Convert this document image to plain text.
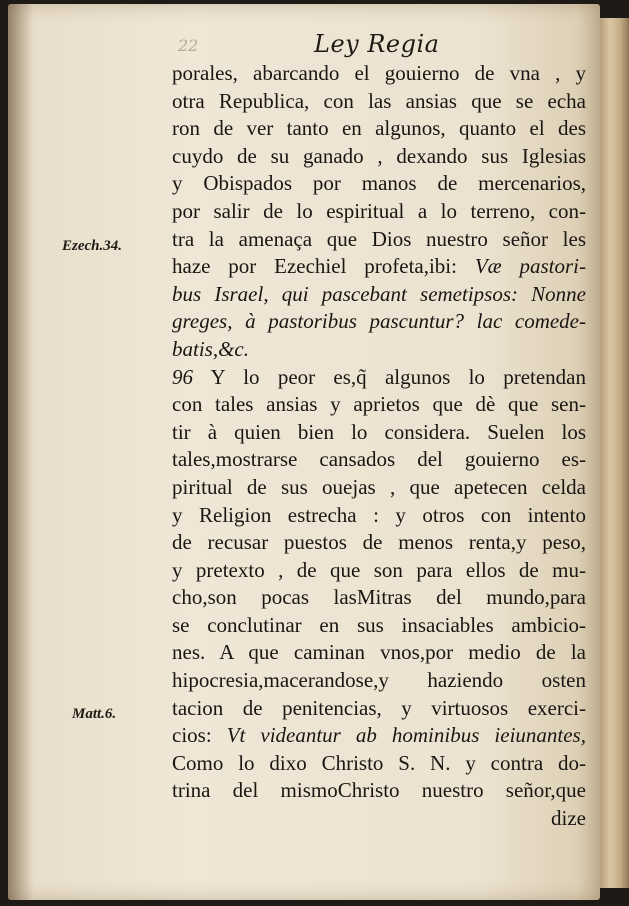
22	Ley Regia
Ezech.34.
Matt.6.
porales, abarcando el gouierno de vna , y
otra Republica, con las ansias que se echa
ron de ver tanto en algunos, quanto el des
cuydo de su ganado , dexando sus Iglesias
y Obispados por manos de mercenarios,
por salir de lo espiritual a lo terreno, con-
tra la amenaça que Dios nuestro señor les
haze por Ezechiel profeta,ibi: Væ pastori-
bus Israel, qui pascebant semetipsos: Nonne
greges, à pastoribus pascuntur? lac comede-
batis,&c.
96 Y lo peor es,q̃ algunos lo pretendan
con tales ansias y aprietos que dè que sen-
tir à quien bien lo considera. Suelen los
tales,mostrarse cansados del gouierno es-
piritual de sus ouejas , que apetecen celda
y Religion estrecha : y otros con intento
de recusar puestos de menos renta,y peso,
y pretexto , de que son para ellos de mu-
cho,son pocas lasMitras del mundo,para
se conclutinar en sus insaciables ambicio-
nes. A que caminan vnos,por medio de la
hipocresia,macerandose,y haziendo osten
tacion de penitencias, y virtuosos exerci-
cios: Vt videantur ab hominibus ieiunantes,
Como lo dixo Christo S. N. y contra do-
trina del mismoChristo nuestro señor,que
dize
